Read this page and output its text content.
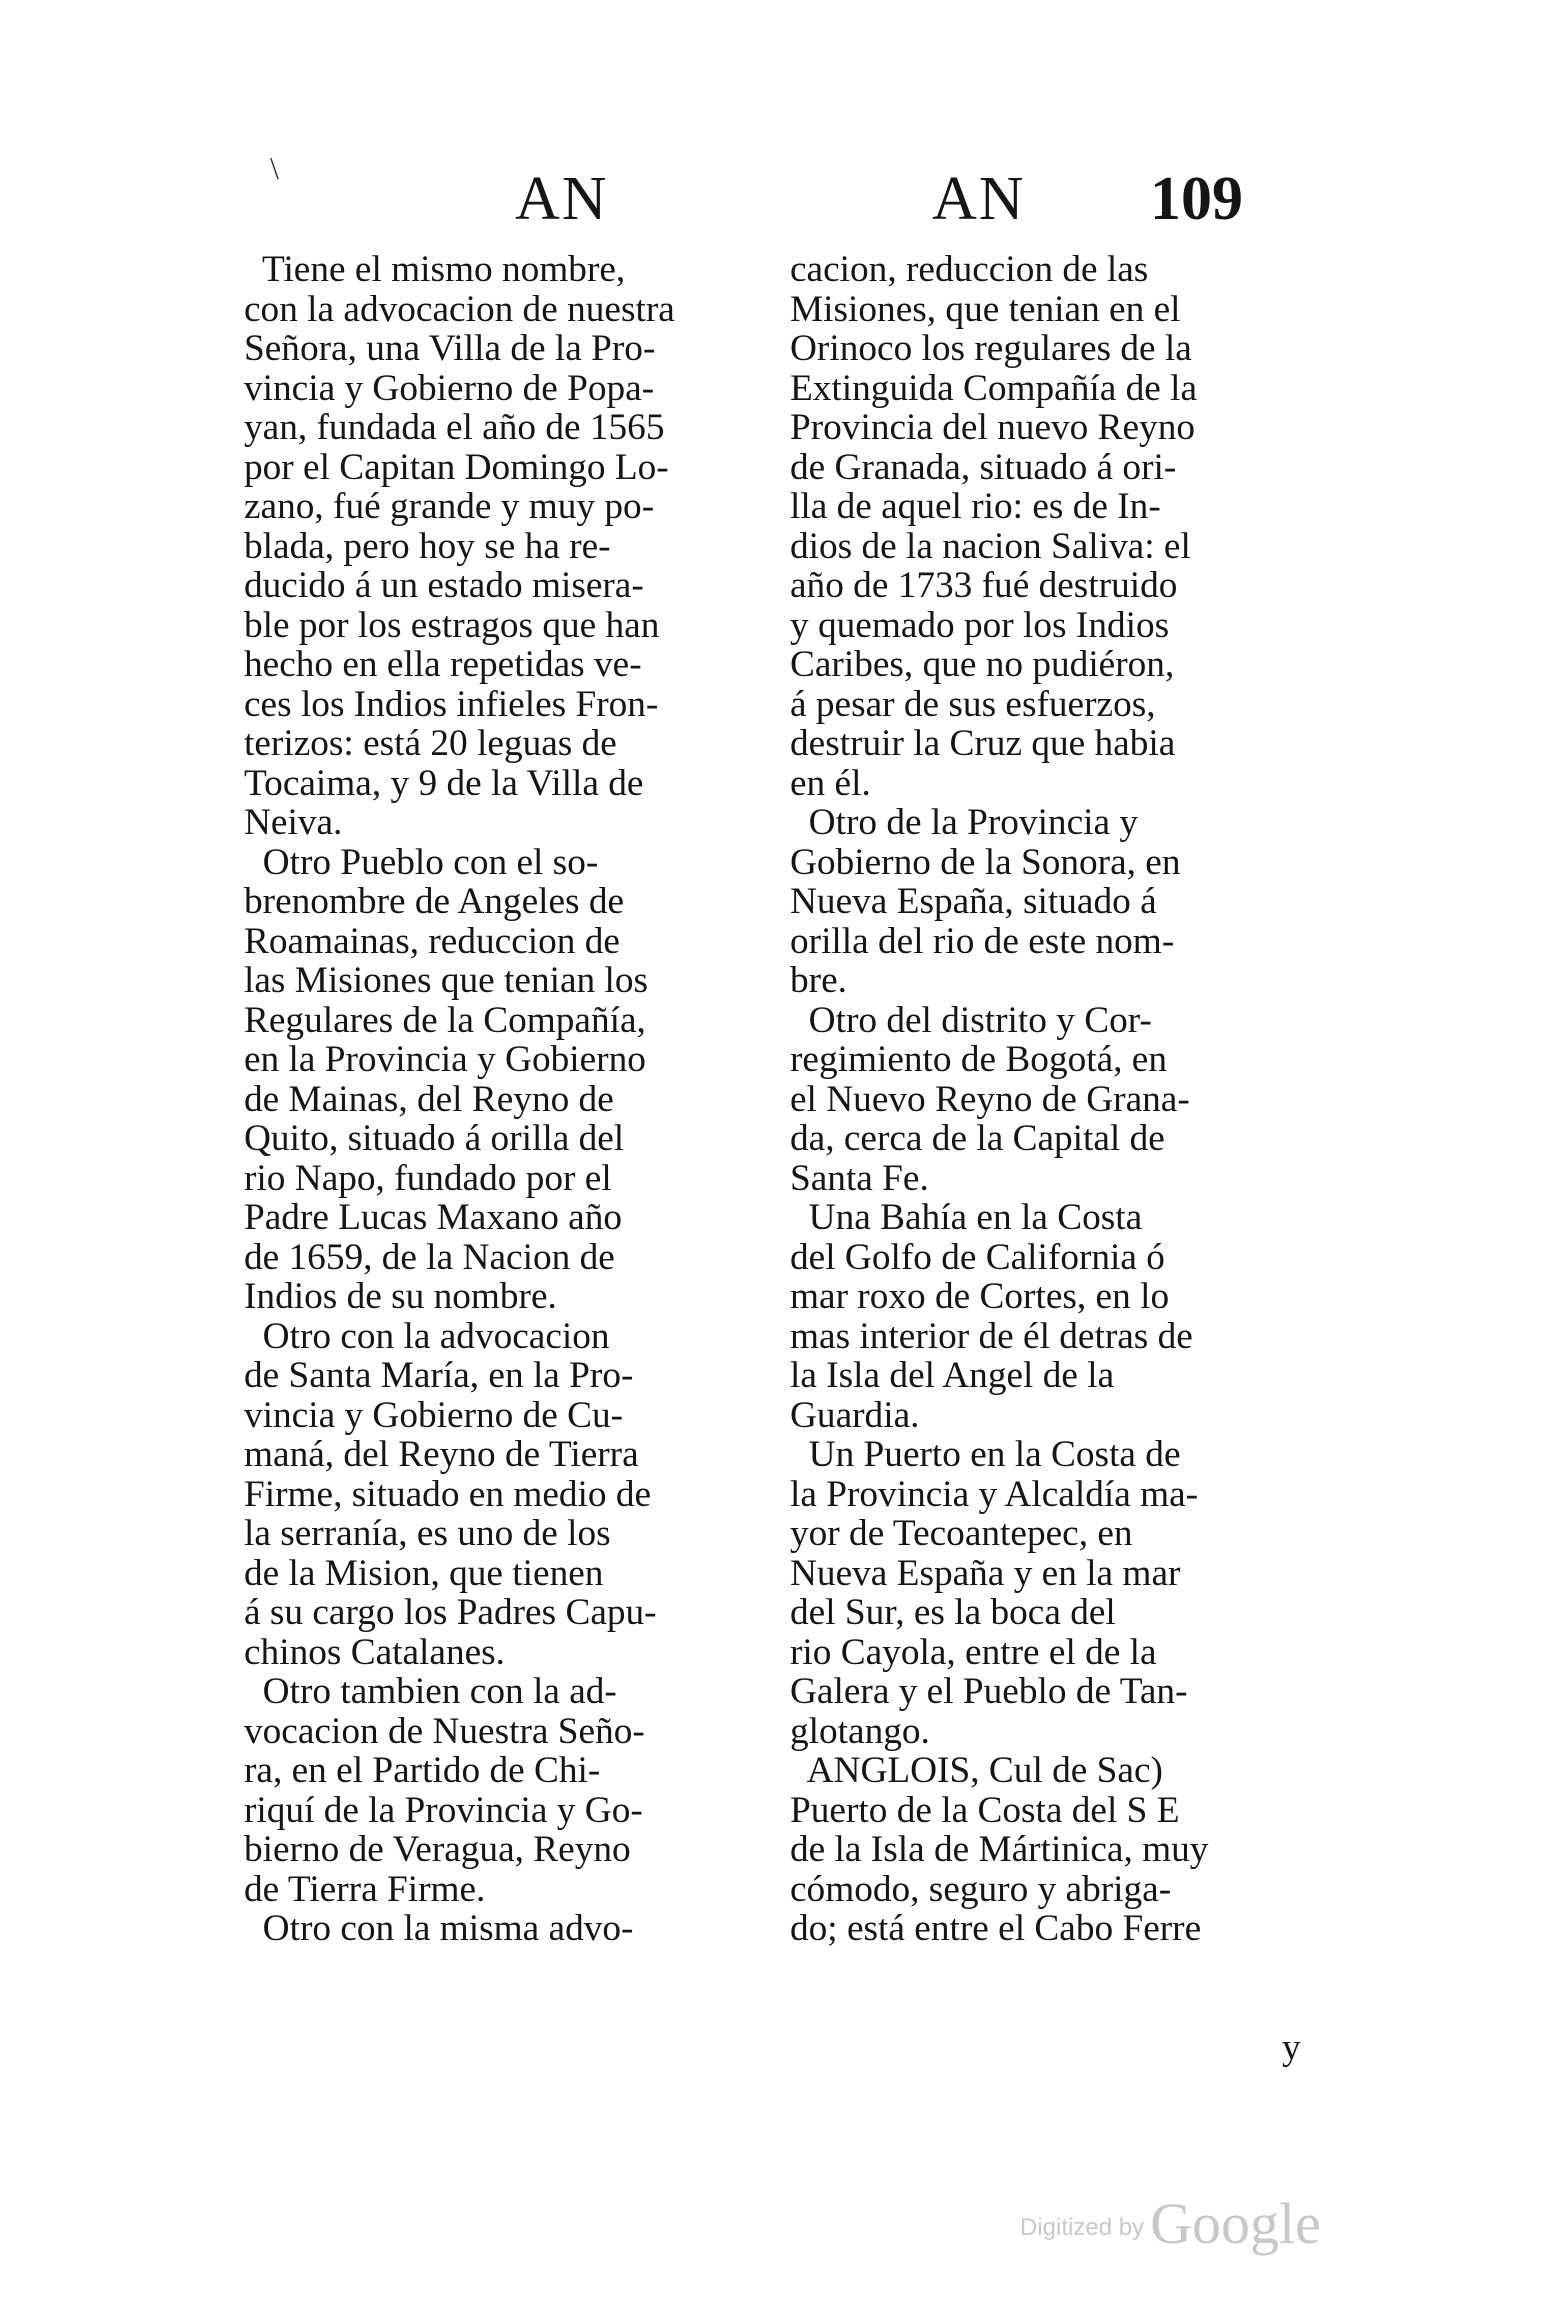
\	AN	AN 109
Tiene el mismo nombre,
con la advocacion de nuestra
Señora, una Villa de la Pro-
vincia y Gobierno de Popa-
yan, fundada el año de 1565
por el Capitan Domingo Lo-
zano, fué grande y muy po-
blada, pero hoy se ha re-
ducido á un estado misera-
ble por los estragos que han
hecho en ella repetidas ve-
ces los Indios infieles Fron-
terizos: está 20 leguas de
Tocaima, y 9 de la Villa de
Neiva.
Otro Pueblo con el so-
brenombre de Angeles de
Roamainas, reduccion de
las Misiones que tenian los
Regulares de la Compañía,
en la Provincia y Gobierno
de Mainas, del Reyno de
Quito, situado á orilla del
rio Napo, fundado por el
Padre Lucas Maxano año
de 1659, de la Nacion de
Indios de su nombre.
Otro con la advocacion
de Santa María, en la Pro-
vincia y Gobierno de Cu-
maná, del Reyno de Tierra
Firme, situado en medio de
la serranía, es uno de los
de la Mision, que tienen
á su cargo los Padres Capu-
chinos Catalanes.
Otro tambien con la ad-
vocacion de Nuestra Seño-
ra, en el Partido de Chi-
riquí de la Provincia y Go-
bierno de Veragua, Reyno
de Tierra Firme.
Otro con la misma advo-
cacion, reduccion de las
Misiones, que tenian en el
Orinoco los regulares de la
Extinguida Compañía de la
Provincia del nuevo Reyno
de Granada, situado á ori-
lla de aquel rio: es de In-
dios de la nacion Saliva: el
año de 1733 fué destruido
y quemado por los Indios
Caribes, que no pudiéron,
á pesar de sus esfuerzos,
destruir la Cruz que habia
en él.
Otro de la Provincia y
Gobierno de la Sonora, en
Nueva España, situado á
orilla del rio de este nom-
bre.
Otro del distrito y Cor-
regimiento de Bogotá, en
el Nuevo Reyno de Grana-
da, cerca de la Capital de
Santa Fe.
Una Bahía en la Costa
del Golfo de California ó
mar roxo de Cortes, en lo
mas interior de él detras de
la Isla del Angel de la
Guardia.
Un Puerto en la Costa de
la Provincia y Alcaldía ma-
yor de Tecoantepec, en
Nueva España y en la mar
del Sur, es la boca del
rio Cayola, entre el de la
Galera y el Pueblo de Tan-
glotango.
ANGLOIS, Cul de Sac)
Puerto de la Costa del S E
de la Isla de Mártinica, muy
cómodo, seguro y abriga-
do; está entre el Cabo Ferre
y
Digitized by Google
